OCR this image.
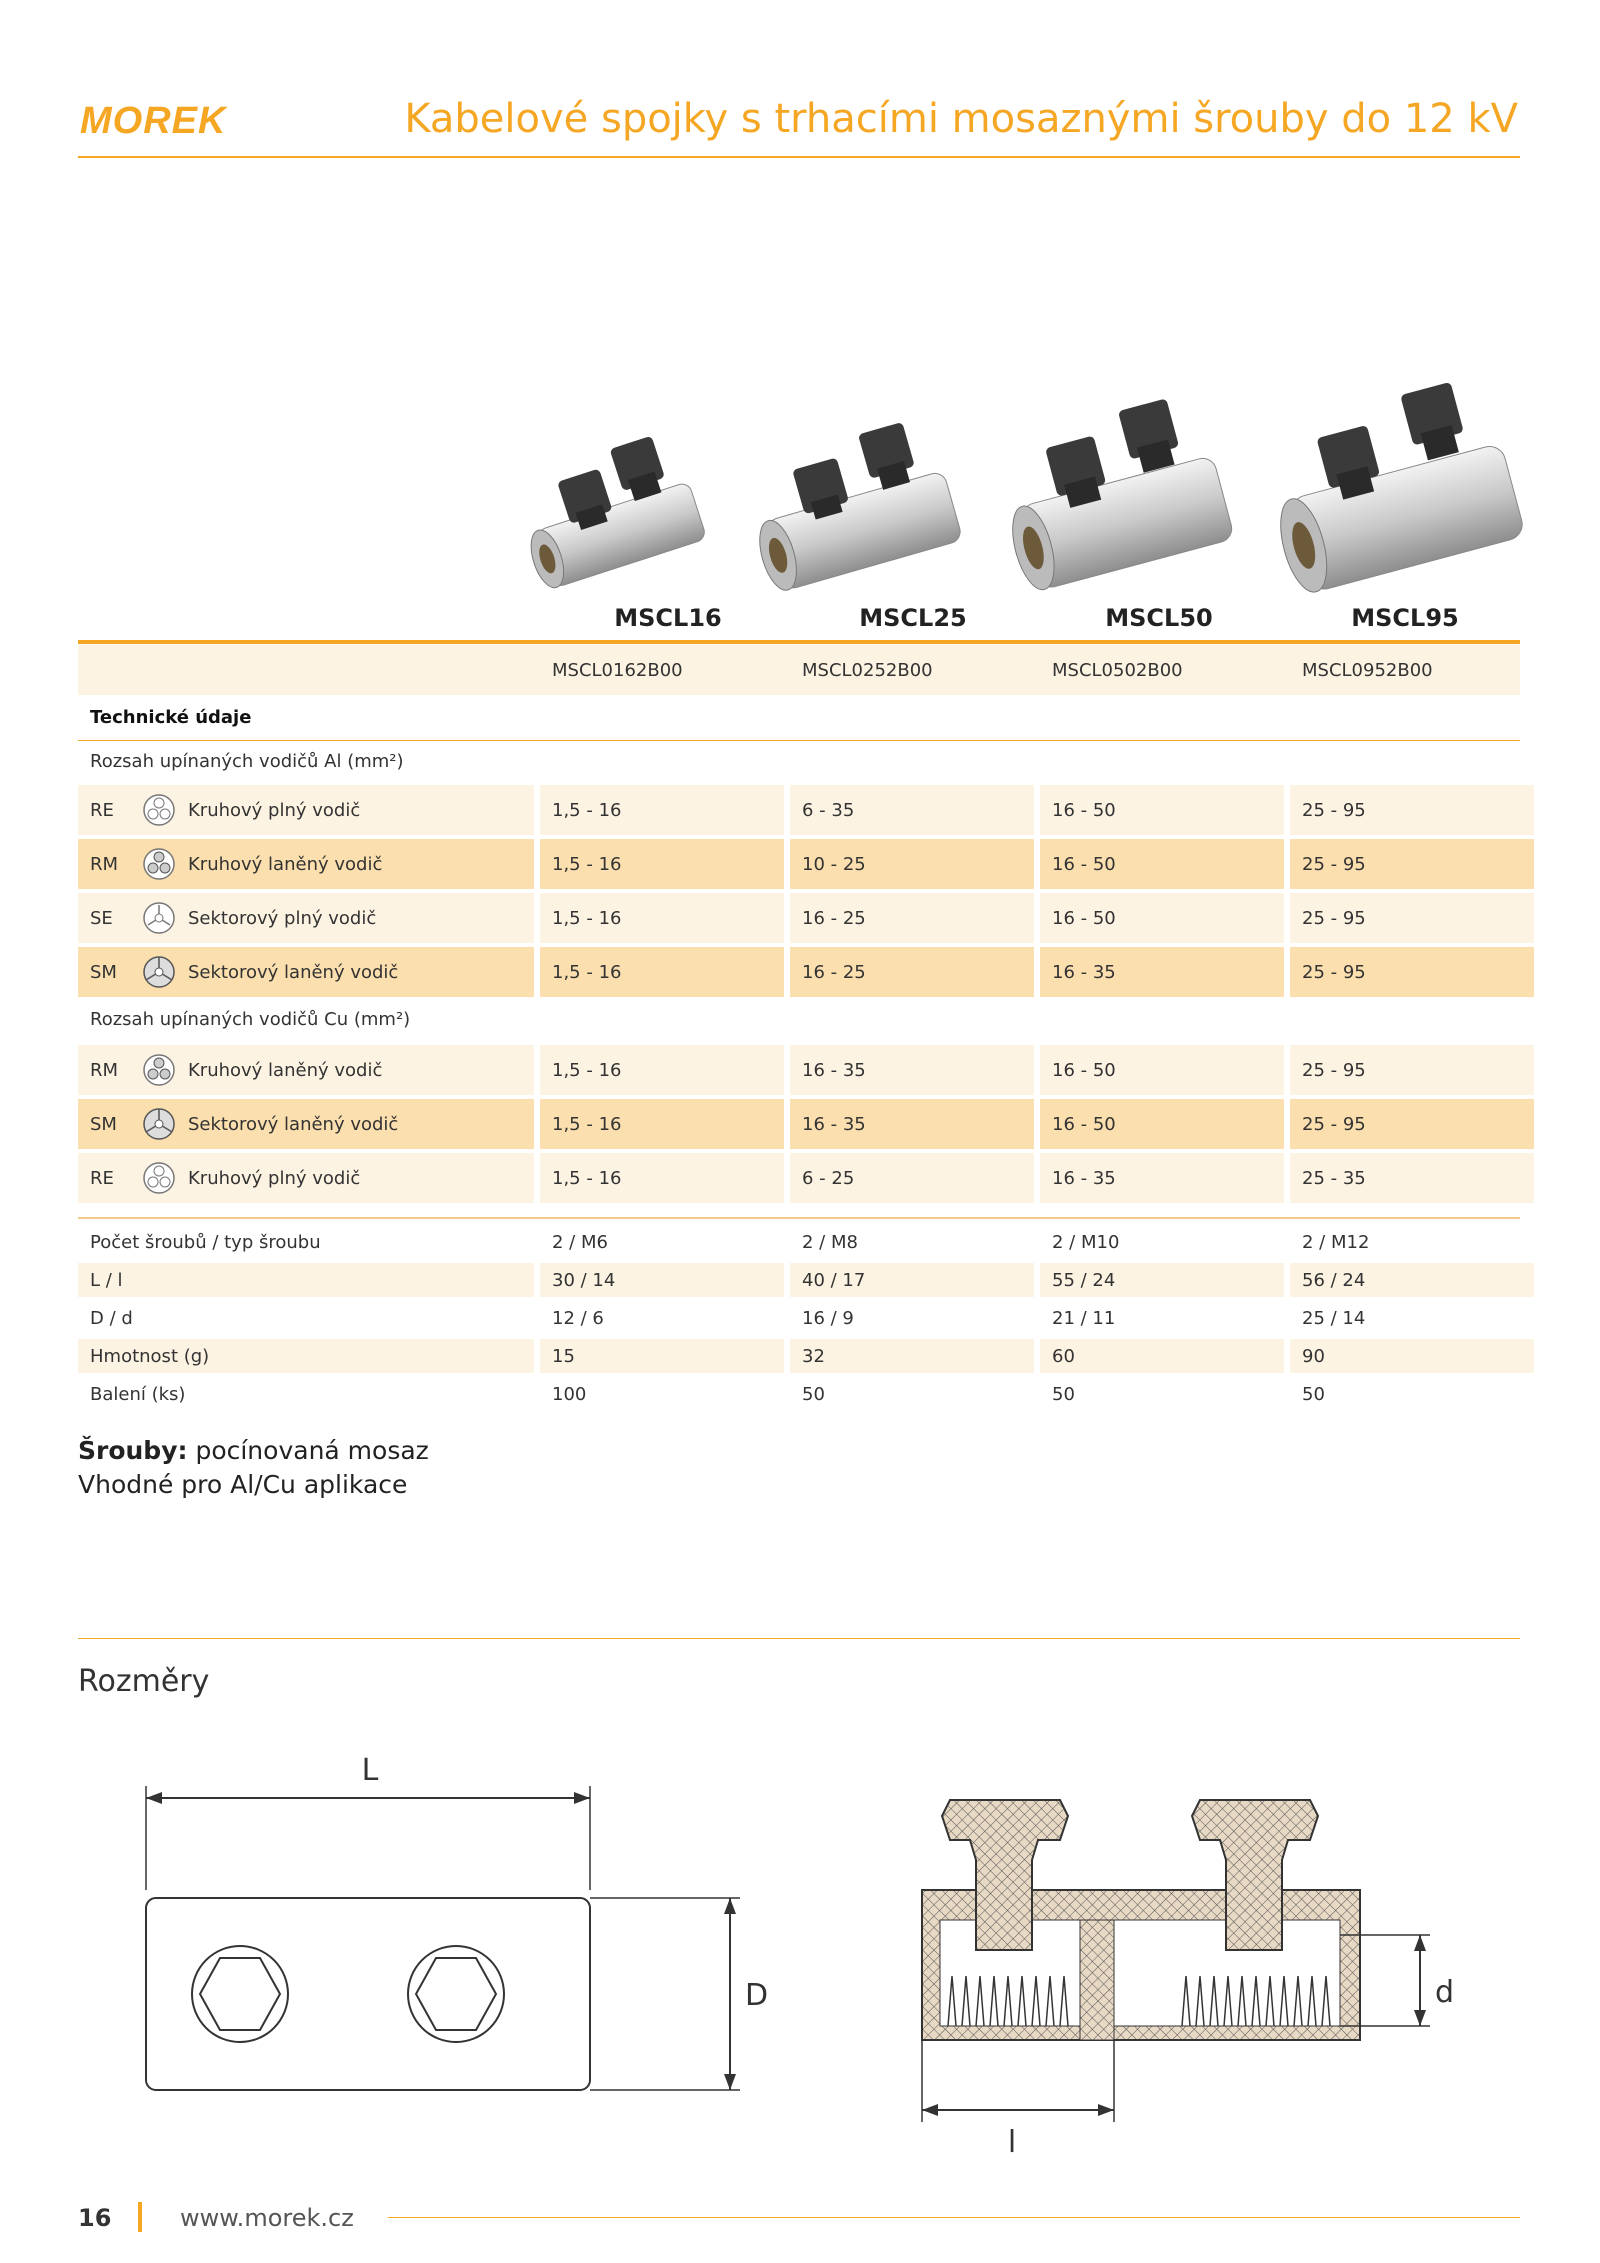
MOREK	Kabelové spojky s trhacími mosaznými šrouby do 12 kV
MSCL16	MSCL25	MSCL50	MSCL95
MSCL0162B00	MSCL0252B00	MSCL0502B00	MSCL0952B00
Technické údaje
Rozsah upínaných vodičů Al (mm²)
RE	Kruhový plný vodič	1,5 - 16	6 - 35	16 - 50	25 - 95
RM	Kruhový laněný vodič	1,5 - 16	10 - 25	16 - 50	25 - 95
SE	Sektorový plný vodič	1,5 - 16	16 - 25	16 - 50	25 - 95
SM	Sektorový laněný vodič	1,5 - 16	16 - 25	16 - 35	25 - 95
Rozsah upínaných vodičů Cu (mm²)
RM	Kruhový laněný vodič	1,5 - 16	16 - 35	16 - 50	25 - 95
SM	Sektorový laněný vodič	1,5 - 16	16 - 35	16 - 50	25 - 95
RE	Kruhový plný vodič	1,5 - 16	6 - 25	16 - 35	25 - 35
Počet šroubů / typ šroubu	2 / M6	2 / M8	2 / M10	2 / M12
L / l	30 / 14	40 / 17	55 / 24	56 / 24
D / d	12 / 6	16 / 9	21 / 11	25 / 14
Hmotnost (g)	15	32	60	90
Balení (ks)	100	50	50	50
Šrouby: pocínovaná mosaz
Vhodné pro Al/Cu aplikace
Rozměry
L
D
l
d
16	www.morek.cz
